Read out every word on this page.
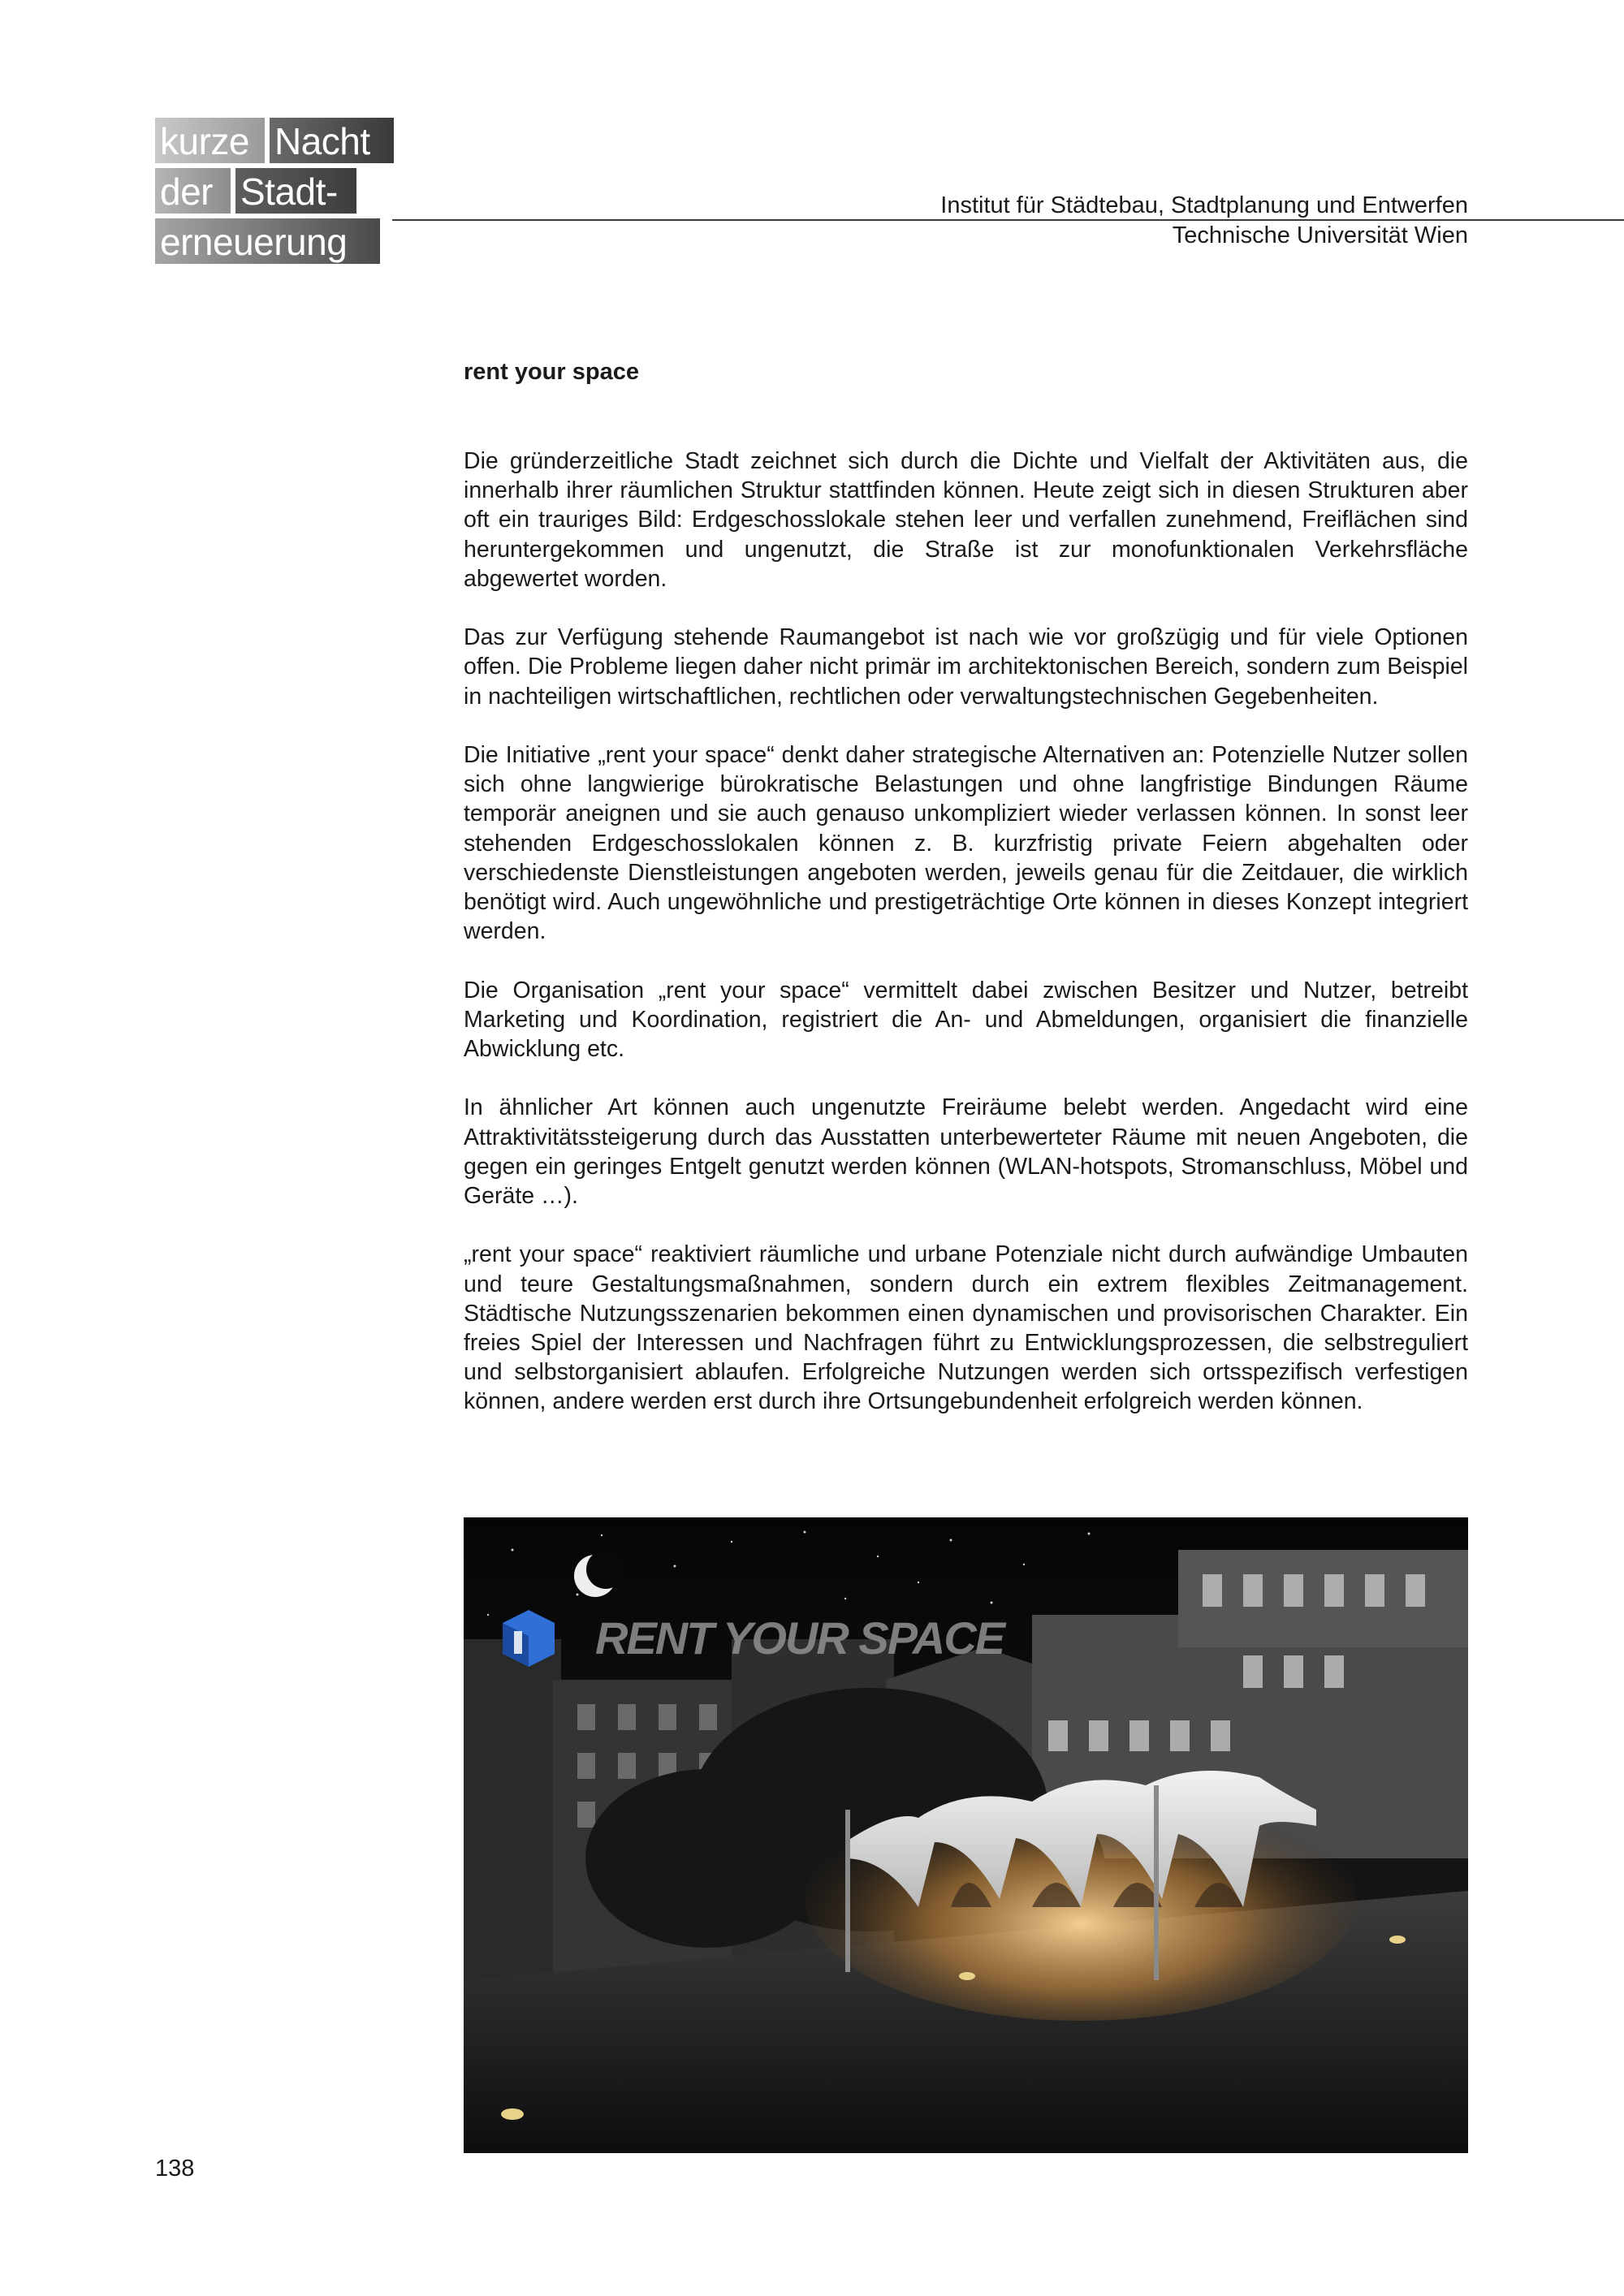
kurze Nacht
der Stadt-
erneuerung
Institut für Städtebau, Stadtplanung und Entwerfen
Technische Universität Wien
rent your space

Die gründerzeitliche Stadt zeichnet sich durch die Dichte und Vielfalt der Aktivitäten aus, die innerhalb ihrer räumlichen Struktur stattfinden können. Heute zeigt sich in diesen Strukturen aber oft ein trauriges Bild: Erdgeschosslokale stehen leer und verfallen zunehmend, Freiflächen sind heruntergekommen und ungenutzt, die Straße ist zur monofunktionalen Verkehrsfläche abgewertet worden.

Das zur Verfügung stehende Raumangebot ist nach wie vor großzügig und für viele Optionen offen. Die Probleme liegen daher nicht primär im architektonischen Bereich, sondern zum Beispiel in nachteiligen wirtschaftlichen, rechtlichen oder verwaltungstechnischen Gegebenheiten.

Die Initiative „rent your space“ denkt daher strategische Alternativen an: Potenzielle Nutzer sollen sich ohne langwierige bürokratische Belastungen und ohne langfristige Bindungen Räume temporär aneignen und sie auch genauso unkompliziert wieder verlassen können. In sonst leer stehenden Erdgeschosslokalen können z. B. kurzfristig private Feiern abgehalten oder verschiedenste Dienstleistungen angeboten werden, jeweils genau für die Zeitdauer, die wirklich benötigt wird. Auch ungewöhnliche und prestigeträchtige Orte können in dieses Konzept integriert werden.

Die Organisation „rent your space“ vermittelt dabei zwischen Besitzer und Nutzer, betreibt Marketing und Koordination, registriert die An- und Abmeldungen, organisiert die finanzielle Abwicklung etc.

In ähnlicher Art können auch ungenutzte Freiräume belebt werden. Angedacht wird eine Attraktivitätssteigerung durch das Ausstatten unterbewerteter Räume mit neuen Angeboten, die gegen ein geringes Entgelt genutzt werden können (WLAN-hotspots, Stromanschluss, Möbel und Geräte …).

„rent your space“ reaktiviert räumliche und urbane Potenziale nicht durch aufwändige Umbauten und teure Gestaltungsmaßnahmen, sondern durch ein extrem flexibles Zeitmanagement. Städtische Nutzungsszenarien bekommen einen dynamischen und provisorischen Charakter. Ein freies Spiel der Interessen und Nachfragen führt zu Entwicklungsprozessen, die selbstreguliert und selbstorganisiert ablaufen. Erfolgreiche Nutzungen werden sich ortsspezifisch verfestigen können, andere werden erst durch ihre Ortsungebundenheit erfolgreich werden können.

RENT YOUR SPACE
138
